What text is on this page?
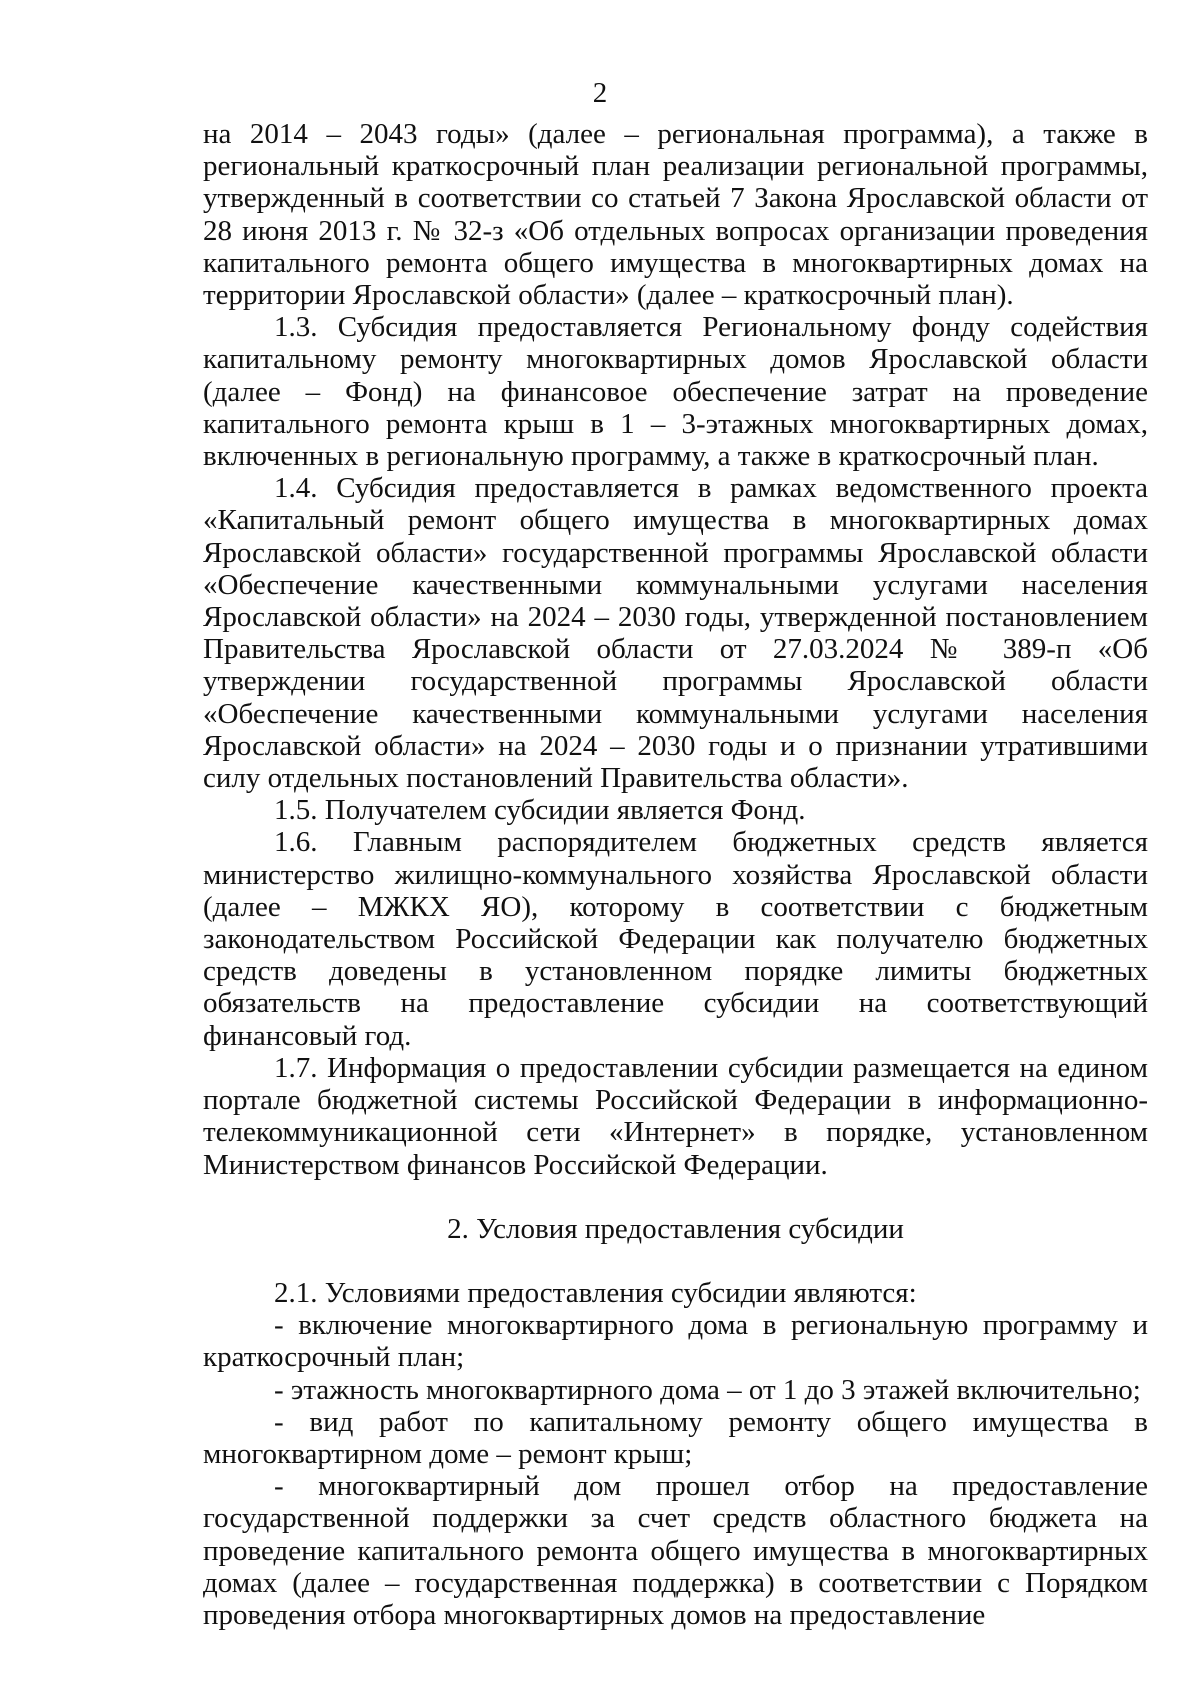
2

на 2014 – 2043 годы» (далее – региональная программа), а также в региональный краткосрочный план реализации региональной программы, утвержденный в соответствии со статьей 7 Закона Ярославской области от 28 июня 2013 г. № 32-з «Об отдельных вопросах организации проведения капитального ремонта общего имущества в многоквартирных домах на территории Ярославской области» (далее – краткосрочный план).

1.3. Субсидия предоставляется Региональному фонду содействия капитальному ремонту многоквартирных домов Ярославской области (далее – Фонд) на финансовое обеспечение затрат на проведение капитального ремонта крыш в 1 – 3-этажных многоквартирных домах, включенных в региональную программу, а также в краткосрочный план.

1.4. Субсидия предоставляется в рамках ведомственного проекта «Капитальный ремонт общего имущества в многоквартирных домах Ярославской области» государственной программы Ярославской области «Обеспечение качественными коммунальными услугами населения Ярославской области» на 2024 – 2030 годы, утвержденной постановлением Правительства Ярославской области от 27.03.2024 № 389-п «Об утверждении государственной программы Ярославской области «Обеспечение качественными коммунальными услугами населения Ярославской области» на 2024 – 2030 годы и о признании утратившими силу отдельных постановлений Правительства области».

1.5. Получателем субсидии является Фонд.

1.6. Главным распорядителем бюджетных средств является министерство жилищно-коммунального хозяйства Ярославской области (далее – МЖКХ ЯО), которому в соответствии с бюджетным законодательством Российской Федерации как получателю бюджетных средств доведены в установленном порядке лимиты бюджетных обязательств на предоставление субсидии на соответствующий финансовый год.

1.7. Информация о предоставлении субсидии размещается на едином портале бюджетной системы Российской Федерации в информационно-телекоммуникационной сети «Интернет» в порядке, установленном Министерством финансов Российской Федерации.

2. Условия предоставления субсидии

2.1. Условиями предоставления субсидии являются:

- включение многоквартирного дома в региональную программу и краткосрочный план;

- этажность многоквартирного дома – от 1 до 3 этажей включительно;

- вид работ по капитальному ремонту общего имущества в многоквартирном доме – ремонт крыш;

- многоквартирный дом прошел отбор на предоставление государственной поддержки за счет средств областного бюджета на проведение капитального ремонта общего имущества в многоквартирных домах (далее – государственная поддержка) в соответствии с Порядком проведения отбора многоквартирных домов на предоставление
